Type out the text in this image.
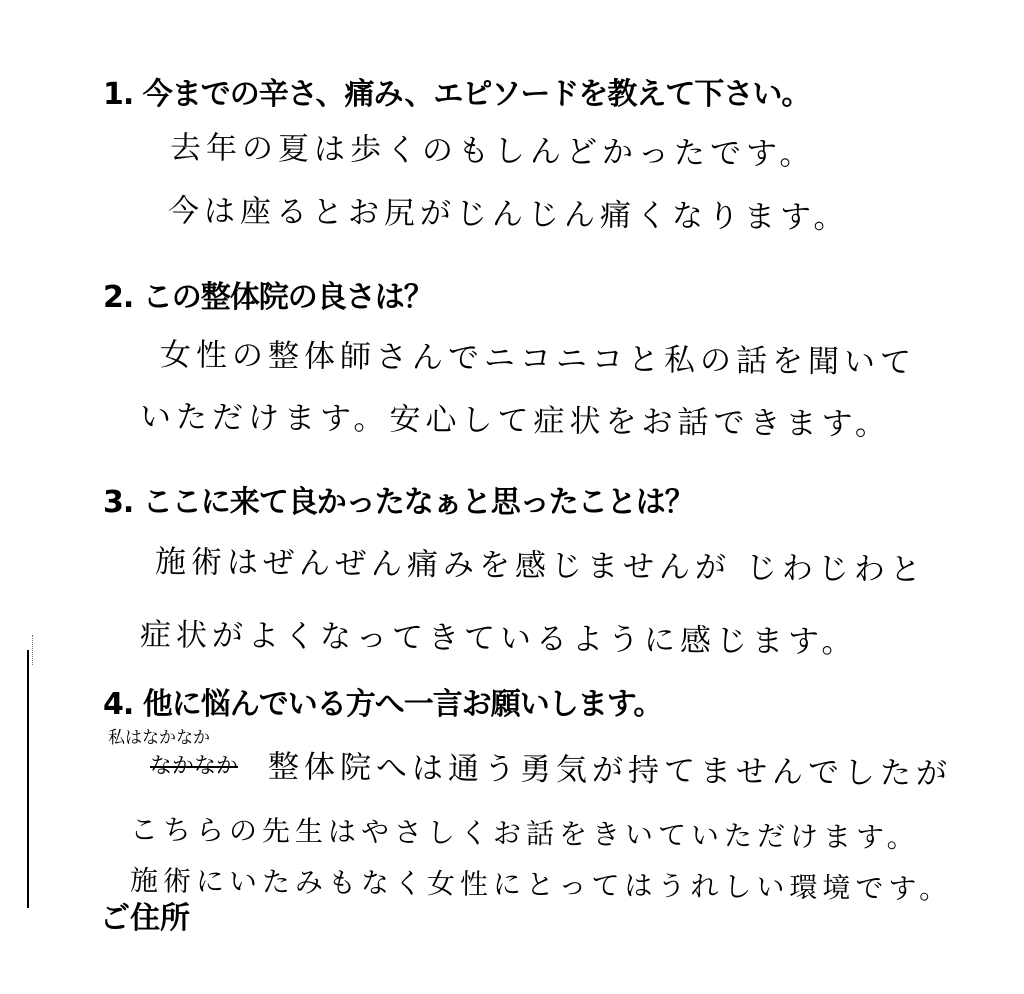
1. 今までの辛さ、痛み、エピソードを教えて下さい。
去年の夏は歩くのもしんどかったです。
今は座るとお尻がじんじん痛くなります。
2. この整体院の良さは？
女性の整体師さんでニコニコと私の話を聞いて
いただけます。安心して症状をお話できます。
3. ここに来て良かったなぁと思ったことは？
施術はぜんぜん痛みを感じませんが じわじわと
症状がよくなってきているように感じます。
4. 他に悩んでいる方へ一言お願いします。
私はなかなか
なかなか 整体院へは通う勇気が持てませんでしたが
こちらの先生はやさしくお話をきいていただけます。
施術にいたみもなく女性にとってはうれしい環境です。
ご住所
